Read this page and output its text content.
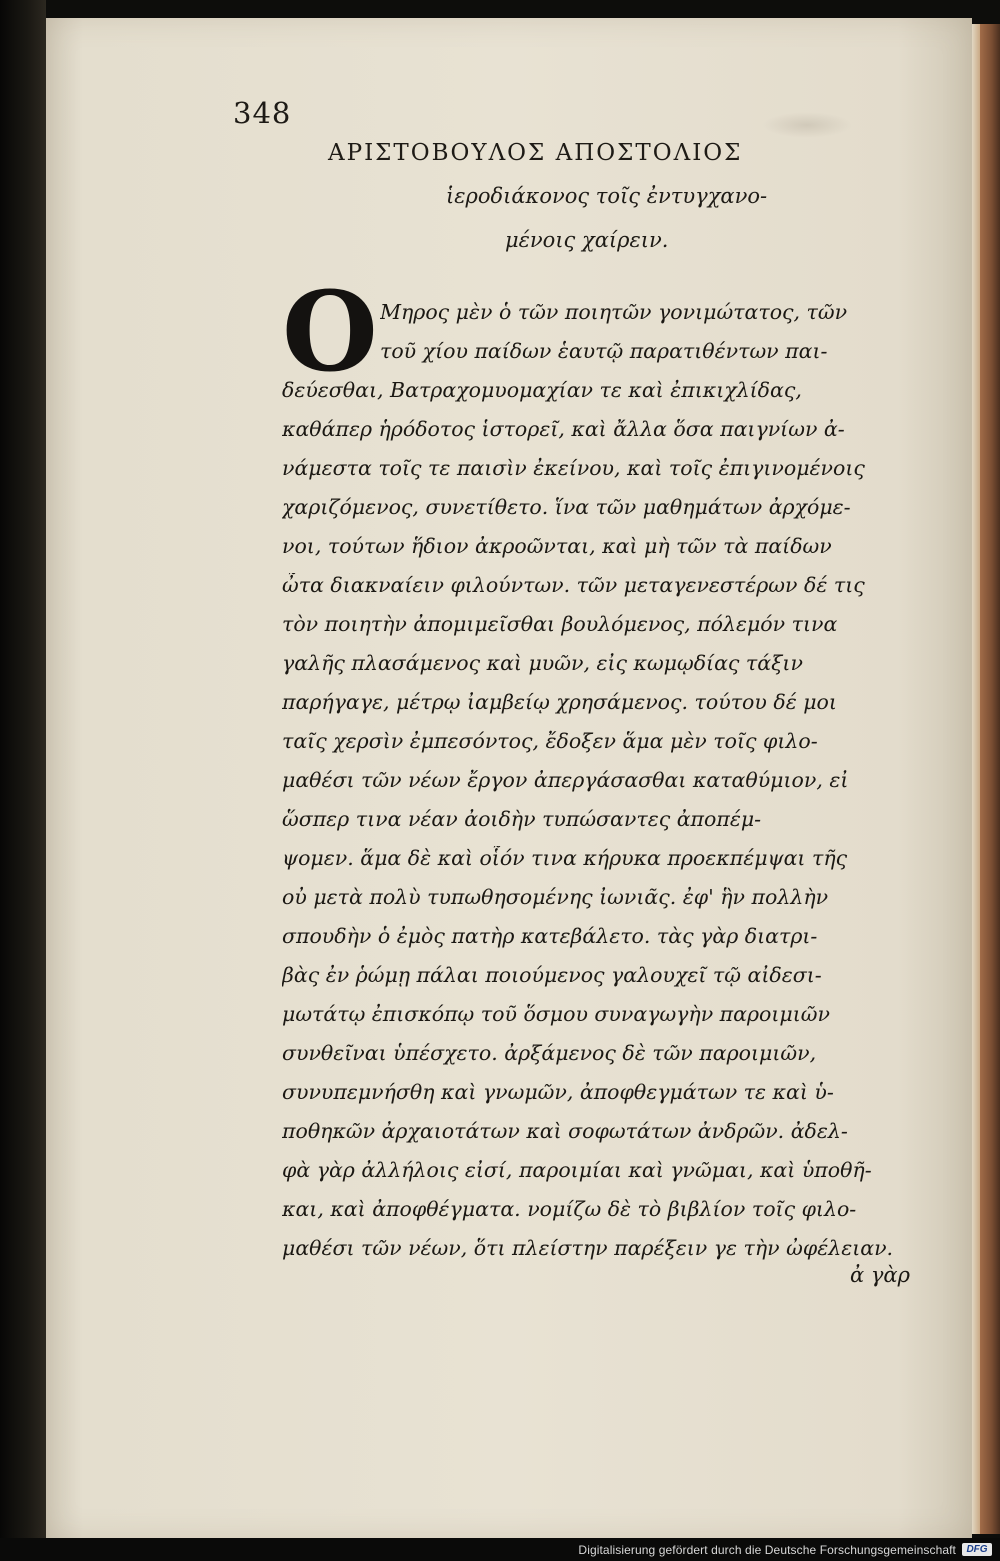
348
ΑΡΙΣΤΟΒΟΥΛΟΣ ΑΠΟΣΤΟΛΙΟΣ
ἱεροδιάκονος τοῖς ἐντυγχανο-
μένοις χαίρειν.
O Μηρος μὲν ὁ τῶν ποιητῶν γονιμώτατος, τῶν
τοῦ χίου παίδων ἑαυτῷ παρατιθέντων παι-
δεύεσθαι, Βατραχομυομαχίαν τε καὶ ἐπικιχλίδας,
καθάπερ ἡρόδοτος ἱστορεῖ, καὶ ἄλλα ὅσα παιγνίων ἀ-
νάμεστα τοῖς τε παισὶν ἐκείνου, καὶ τοῖς ἐπιγινομένοις
χαριζόμενος, συνετίθετο. ἵνα τῶν μαθημάτων ἀρχόμε-
νοι, τούτων ἥδιον ἀκροῶνται, καὶ μὴ τῶν τὰ παίδων
ὦτα διακναίειν φιλούντων. τῶν μεταγενεστέρων δέ τις
τὸν ποιητὴν ἀπομιμεῖσθαι βουλόμενος, πόλεμόν τινα
γαλῆς πλασάμενος καὶ μυῶν, εἰς κωμῳδίας τάξιν
παρήγαγε, μέτρῳ ἰαμβείῳ χρησάμενος. τούτου δέ μοι
ταῖς χερσὶν ἐμπεσόντος, ἔδοξεν ἅμα μὲν τοῖς φιλο-
μαθέσι τῶν νέων ἔργον ἀπεργάσασθαι καταθύμιον, εἰ
ὥσπερ τινα νέαν ἀοιδὴν τυπώσαντες ἀποπέμ-
ψομεν. ἅμα δὲ καὶ οἷόν τινα κήρυκα προεκπέμψαι τῆς
οὐ μετὰ πολὺ τυπωθησομένης ἰωνιᾶς. ἐφ' ἣν πολλὴν
σπουδὴν ὁ ἐμὸς πατὴρ κατεβάλετο. τὰς γὰρ διατρι-
βὰς ἐν ῥώμῃ πάλαι ποιούμενος γαλουχεῖ τῷ αἰδεσι-
μωτάτῳ ἐπισκόπῳ τοῦ ὅσμου συναγωγὴν παροιμιῶν
συνθεῖναι ὑπέσχετο. ἀρξάμενος δὲ τῶν παροιμιῶν,
συνυπεμνήσθη καὶ γνωμῶν, ἀποφθεγμάτων τε καὶ ὑ-
ποθηκῶν ἀρχαιοτάτων καὶ σοφωτάτων ἀνδρῶν. ἀδελ-
φὰ γὰρ ἀλλήλοις εἰσί, παροιμίαι καὶ γνῶμαι, καὶ ὑποθῆ-
και, καὶ ἀποφθέγματα. νομίζω δὲ τὸ βιβλίον τοῖς φιλο-
μαθέσι τῶν νέων, ὅτι πλείστην παρέξειν γε τὴν ὠφέλειαν.
ἀ γὰρ
Digitalisierung gefördert durch die Deutsche Forschungsgemeinschaft	DFG
